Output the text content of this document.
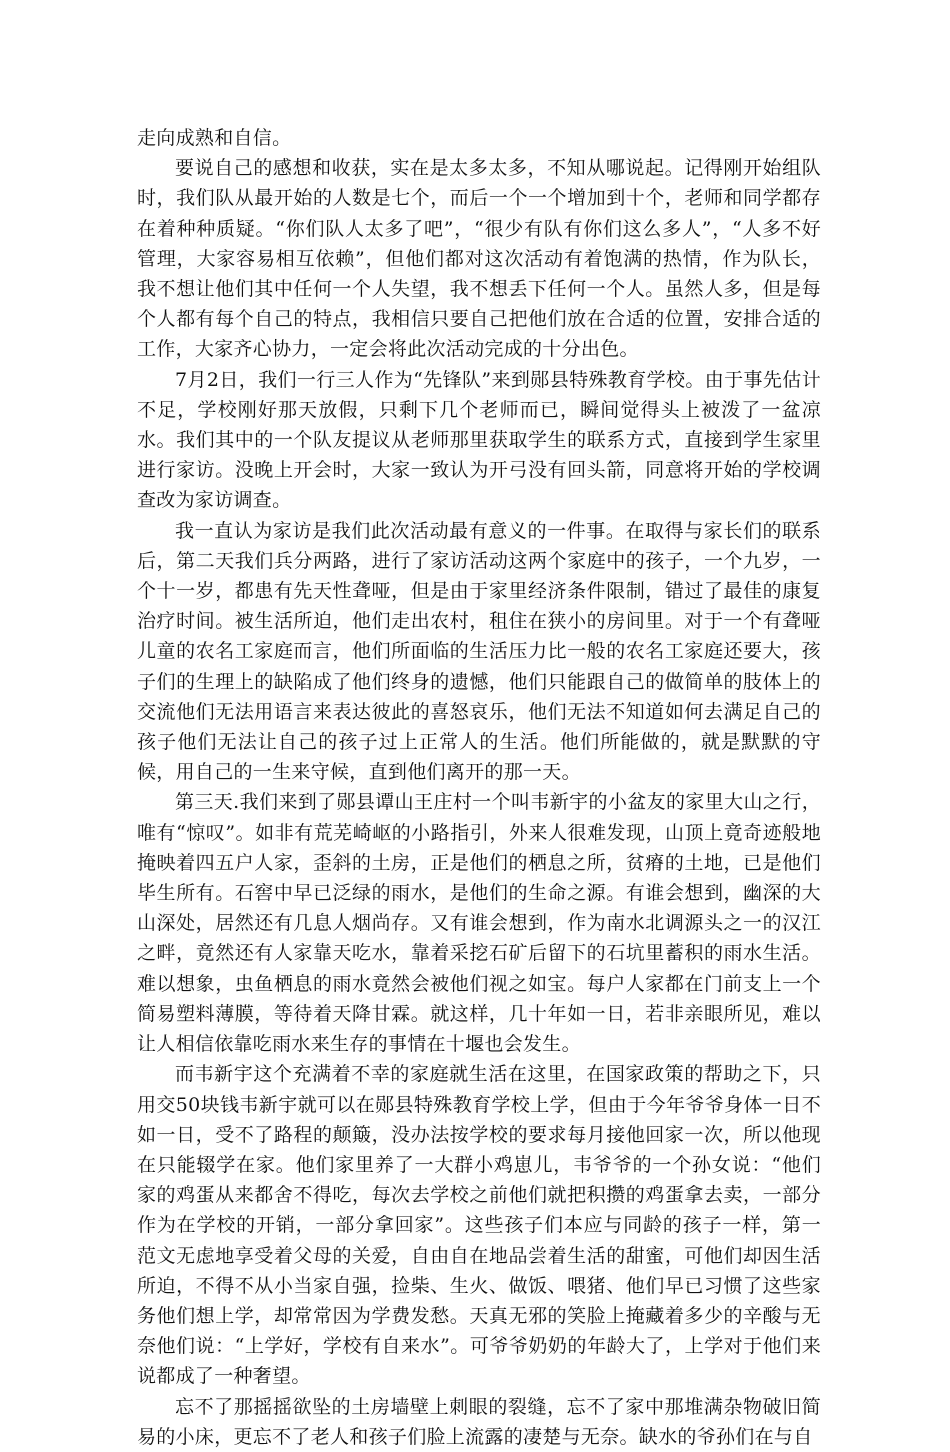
走向成熟和自信。

要说自己的感想和收获，实在是太多太多，不知从哪说起。记得刚开始组队时，我们队从最开始的人数是七个，而后一个一个增加到十个，老师和同学都存在着种种质疑。“你们队人太多了吧”，“很少有队有你们这么多人”，“人多不好管理，大家容易相互依赖”，但他们都对这次活动有着饱满的热情，作为队长，我不想让他们其中任何一个人失望，我不想丢下任何一个人。虽然人多，但是每个人都有每个自己的特点，我相信只要自己把他们放在合适的位置，安排合适的工作，大家齐心协力，一定会将此次活动完成的十分出色。

7月2日，我们一行三人作为“先锋队”来到郧县特殊教育学校。由于事先估计不足，学校刚好那天放假，只剩下几个老师而已，瞬间觉得头上被泼了一盆凉水。我们其中的一个队友提议从老师那里获取学生的联系方式，直接到学生家里进行家访。没晚上开会时，大家一致认为开弓没有回头箭，同意将开始的学校调查改为家访调查。

我一直认为家访是我们此次活动最有意义的一件事。在取得与家长们的联系后，第二天我们兵分两路，进行了家访活动这两个家庭中的孩子，一个九岁，一个十一岁，都患有先天性聋哑，但是由于家里经济条件限制，错过了最佳的康复治疗时间。被生活所迫，他们走出农村，租住在狭小的房间里。对于一个有聋哑儿童的农名工家庭而言，他们所面临的生活压力比一般的农名工家庭还要大，孩子们的生理上的缺陷成了他们终身的遗憾，他们只能跟自己的做简单的肢体上的交流他们无法用语言来表达彼此的喜怒哀乐，他们无法不知道如何去满足自己的孩子他们无法让自己的孩子过上正常人的生活。他们所能做的，就是默默的守候，用自己的一生来守候，直到他们离开的那一天。

第三天.我们来到了郧县谭山王庄村一个叫韦新宇的小盆友的家里大山之行，唯有“惊叹”。如非有荒芜崎岖的小路指引，外来人很难发现，山顶上竟奇迹般地掩映着四五户人家，歪斜的土房，正是他们的栖息之所，贫瘠的土地，已是他们毕生所有。石窖中早已泛绿的雨水，是他们的生命之源。有谁会想到，幽深的大山深处，居然还有几息人烟尚存。又有谁会想到，作为南水北调源头之一的汉江之畔，竟然还有人家靠天吃水，靠着采挖石矿后留下的石坑里蓄积的雨水生活。难以想象，虫鱼栖息的雨水竟然会被他们视之如宝。每户人家都在门前支上一个简易塑料薄膜，等待着天降甘霖。就这样，几十年如一日，若非亲眼所见，难以让人相信依靠吃雨水来生存的事情在十堰也会发生。

而韦新宇这个充满着不幸的家庭就生活在这里，在国家政策的帮助之下，只用交50块钱韦新宇就可以在郧县特殊教育学校上学，但由于今年爷爷身体一日不如一日，受不了路程的颠簸，没办法按学校的要求每月接他回家一次，所以他现在只能辍学在家。他们家里养了一大群小鸡崽儿，韦爷爷的一个孙女说：“他们家的鸡蛋从来都舍不得吃，每次去学校之前他们就把积攒的鸡蛋拿去卖，一部分作为在学校的开销，一部分拿回家”。这些孩子们本应与同龄的孩子一样，第一范文无虑地享受着父母的关爱，自由自在地品尝着生活的甜蜜，可他们却因生活所迫，不得不从小当家自强，捡柴、生火、做饭、喂猪、他们早已习惯了这些家务他们想上学，却常常因为学费发愁。天真无邪的笑脸上掩藏着多少的辛酸与无奈他们说：“上学好，学校有自来水”。可爷爷奶奶的年龄大了，上学对于他们来说都成了一种奢望。

忘不了那摇摇欲坠的土房墙壁上刺眼的裂缝，忘不了家中那堆满杂物破旧简易的小床，更忘不了老人和孩子们脸上流露的凄楚与无奈。缺水的爷孙们在与自
